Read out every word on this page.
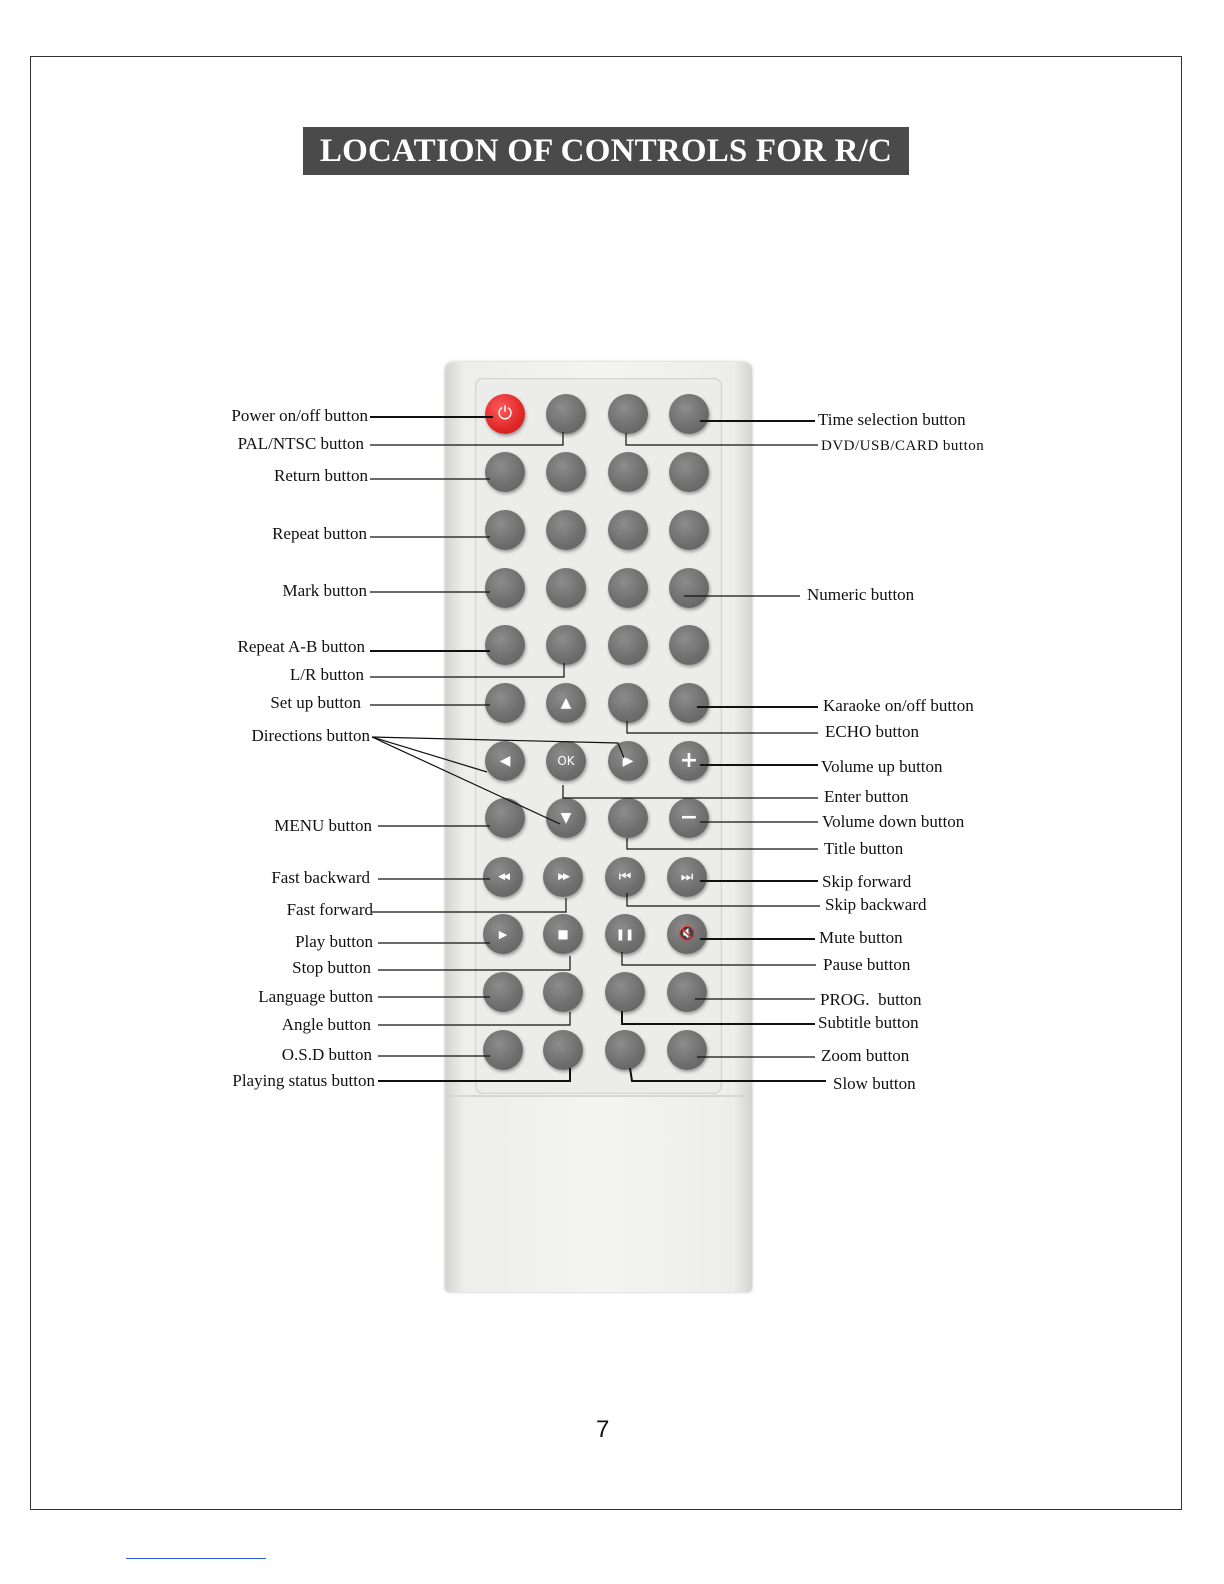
LOCATION OF CONTROLS FOR R/C
⏻
▲
◀	OK	▶ +
▼	−
◀◀	▶▶	⏮	⏭
▶	■	❚❚	🔇
Power on/off button
PAL/NTSC button
Return button
Repeat button
Mark button
Repeat A-B button
L/R button
Set up button
Directions button
MENU button
Fast backward
Fast forward
Play button
Stop button
Language button
Angle button
O.S.D button
Playing status button
Time selection button
DVD/USB/CARD button
Numeric button
Karaoke on/off button
ECHO button
Volume up button
Enter button
Volume down button
Title button
Skip forward
Skip backward
Mute button
Pause button
PROG.  button
Subtitle button
Zoom button
Slow button
7
